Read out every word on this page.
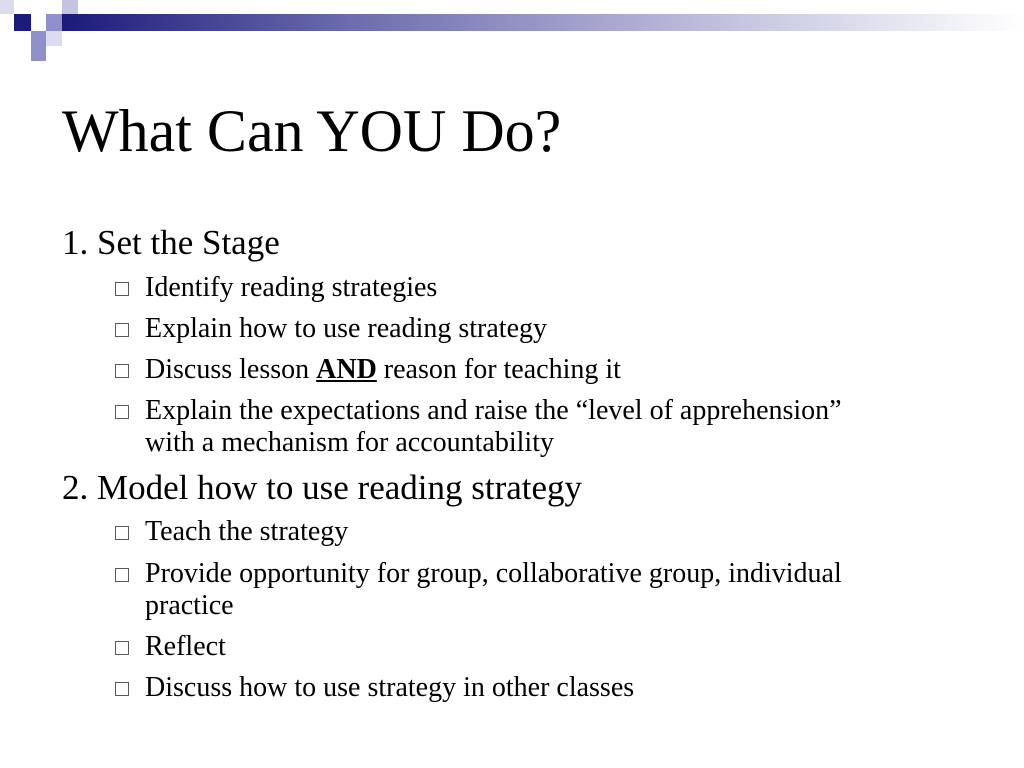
What Can YOU Do?
1. Set the Stage
Identify reading strategies
Explain how to use reading strategy
Discuss lesson AND reason for teaching it
Explain the expectations and raise the “level of apprehension” with a mechanism for accountability
2. Model how to use reading strategy
Teach the strategy
Provide opportunity for group, collaborative group, individual practice
Reflect
Discuss how to use strategy in other classes
